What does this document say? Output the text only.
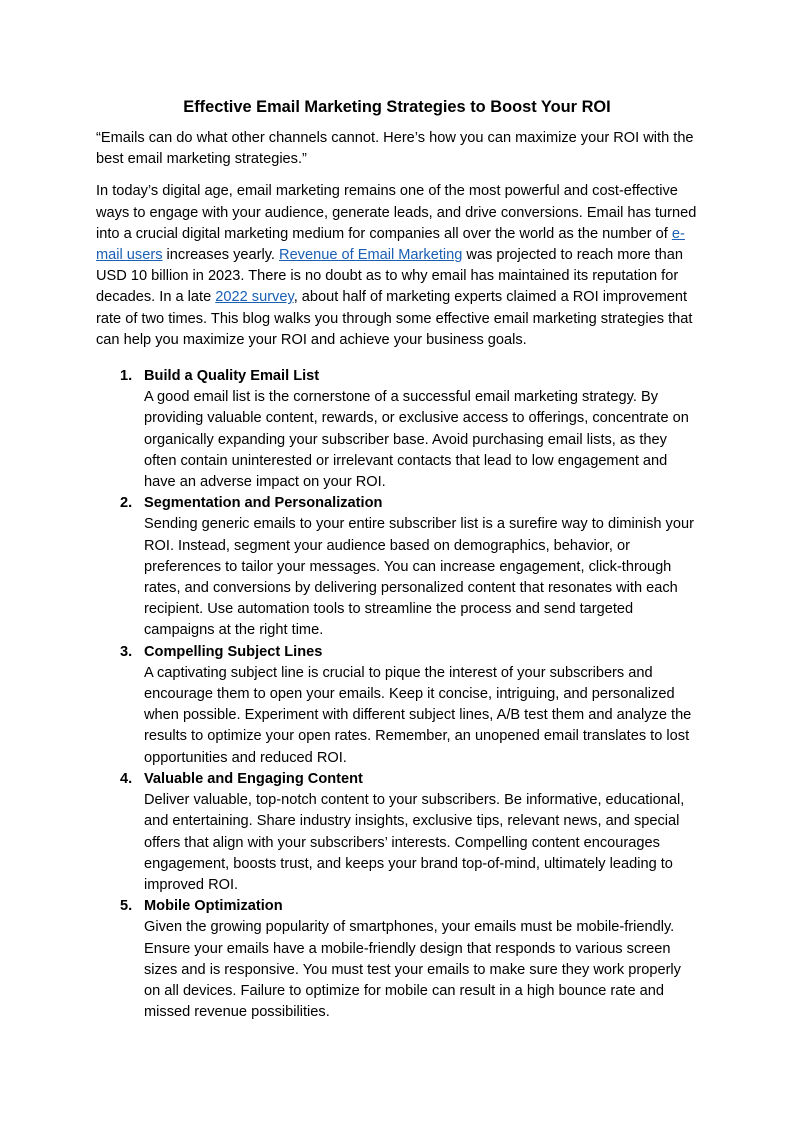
Effective Email Marketing Strategies to Boost Your ROI

“Emails can do what other channels cannot. Here’s how you can maximize your ROI with the best email marketing strategies.”

In today’s digital age, email marketing remains one of the most powerful and cost-effective ways to engage with your audience, generate leads, and drive conversions. Email has turned into a crucial digital marketing medium for companies all over the world as the number of e-mail users increases yearly. Revenue of Email Marketing was projected to reach more than USD 10 billion in 2023. There is no doubt as to why email has maintained its reputation for decades. In a late 2022 survey, about half of marketing experts claimed a ROI improvement rate of two times. This blog walks you through some effective email marketing strategies that can help you maximize your ROI and achieve your business goals.

1. Build a Quality Email List
A good email list is the cornerstone of a successful email marketing strategy. By providing valuable content, rewards, or exclusive access to offerings, concentrate on organically expanding your subscriber base. Avoid purchasing email lists, as they often contain uninterested or irrelevant contacts that lead to low engagement and have an adverse impact on your ROI.
2. Segmentation and Personalization
Sending generic emails to your entire subscriber list is a surefire way to diminish your ROI. Instead, segment your audience based on demographics, behavior, or preferences to tailor your messages. You can increase engagement, click-through rates, and conversions by delivering personalized content that resonates with each recipient. Use automation tools to streamline the process and send targeted campaigns at the right time.
3. Compelling Subject Lines
A captivating subject line is crucial to pique the interest of your subscribers and encourage them to open your emails. Keep it concise, intriguing, and personalized when possible. Experiment with different subject lines, A/B test them and analyze the results to optimize your open rates. Remember, an unopened email translates to lost opportunities and reduced ROI.
4. Valuable and Engaging Content
Deliver valuable, top-notch content to your subscribers. Be informative, educational, and entertaining. Share industry insights, exclusive tips, relevant news, and special offers that align with your subscribers’ interests. Compelling content encourages engagement, boosts trust, and keeps your brand top-of-mind, ultimately leading to improved ROI.
5. Mobile Optimization
Given the growing popularity of smartphones, your emails must be mobile-friendly. Ensure your emails have a mobile-friendly design that responds to various screen sizes and is responsive. You must test your emails to make sure they work properly on all devices. Failure to optimize for mobile can result in a high bounce rate and missed revenue possibilities.
